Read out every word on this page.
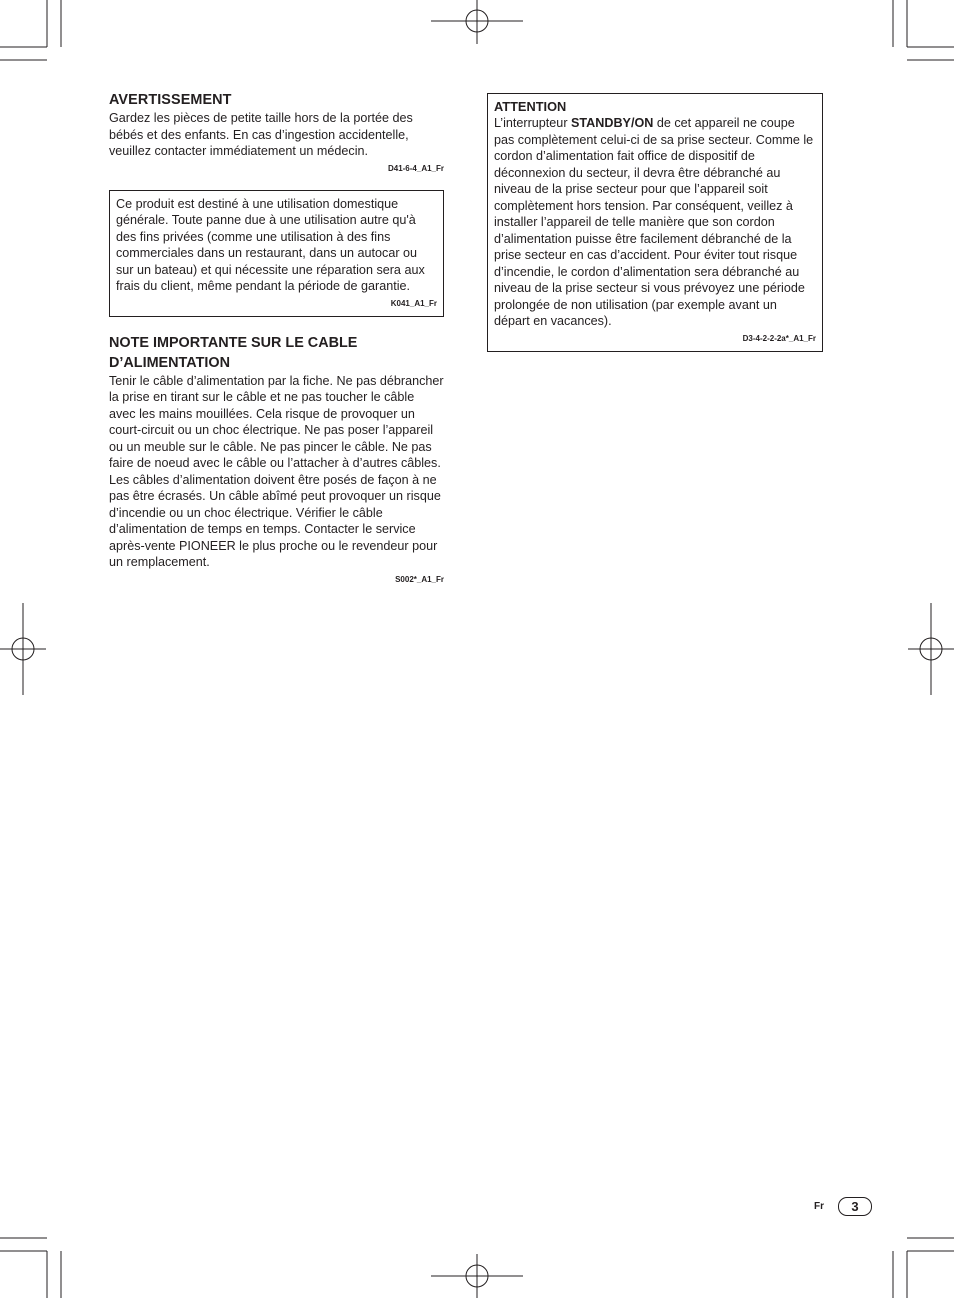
AVERTISSEMENT

Gardez les pièces de petite taille hors de la portée des bébés et des enfants. En cas d’ingestion accidentelle, veuillez contacter immédiatement un médecin.

D41-6-4_A1_Fr

Ce produit est destiné à une utilisation domestique générale. Toute panne due à une utilisation autre qu'à des fins privées (comme une utilisation à des fins commerciales dans un restaurant, dans un autocar ou sur un bateau) et qui nécessite une réparation sera aux frais du client, même pendant la période de garantie.

K041_A1_Fr
NOTE IMPORTANTE SUR LE CABLE
D’ALIMENTATION

Tenir le câble d’alimentation par la fiche. Ne pas débrancher la prise en tirant sur le câble et ne pas toucher le câble avec les mains mouillées. Cela risque de provoquer un court-circuit ou un choc électrique. Ne pas poser l’appareil ou un meuble sur le câble. Ne pas pincer le câble. Ne pas faire de noeud avec le câble ou l’attacher à d’autres câbles. Les câbles d’alimentation doivent être posés de façon à ne pas être écrasés. Un câble abîmé peut provoquer un risque d’incendie ou un choc électrique. Vérifier le câble d’alimentation de temps en temps. Contacter le service après-vente PIONEER le plus proche ou le revendeur pour un remplacement.

S002*_A1_Fr
ATTENTION

L’interrupteur STANDBY/ON de cet appareil ne coupe pas complètement celui-ci de sa prise secteur. Comme le cordon d’alimentation fait office de dispositif de déconnexion du secteur, il devra être débranché au niveau de la prise secteur pour que l’appareil soit complètement hors tension. Par conséquent, veillez à installer l’appareil de telle manière que son cordon d’alimentation puisse être facilement débranché de la prise secteur en cas d’accident. Pour éviter tout risque d’incendie, le cordon d’alimentation sera débranché au niveau de la prise secteur si vous prévoyez une période prolongée de non utilisation (par exemple avant un départ en vacances).

D3-4-2-2-2a*_A1_Fr
Fr	3
